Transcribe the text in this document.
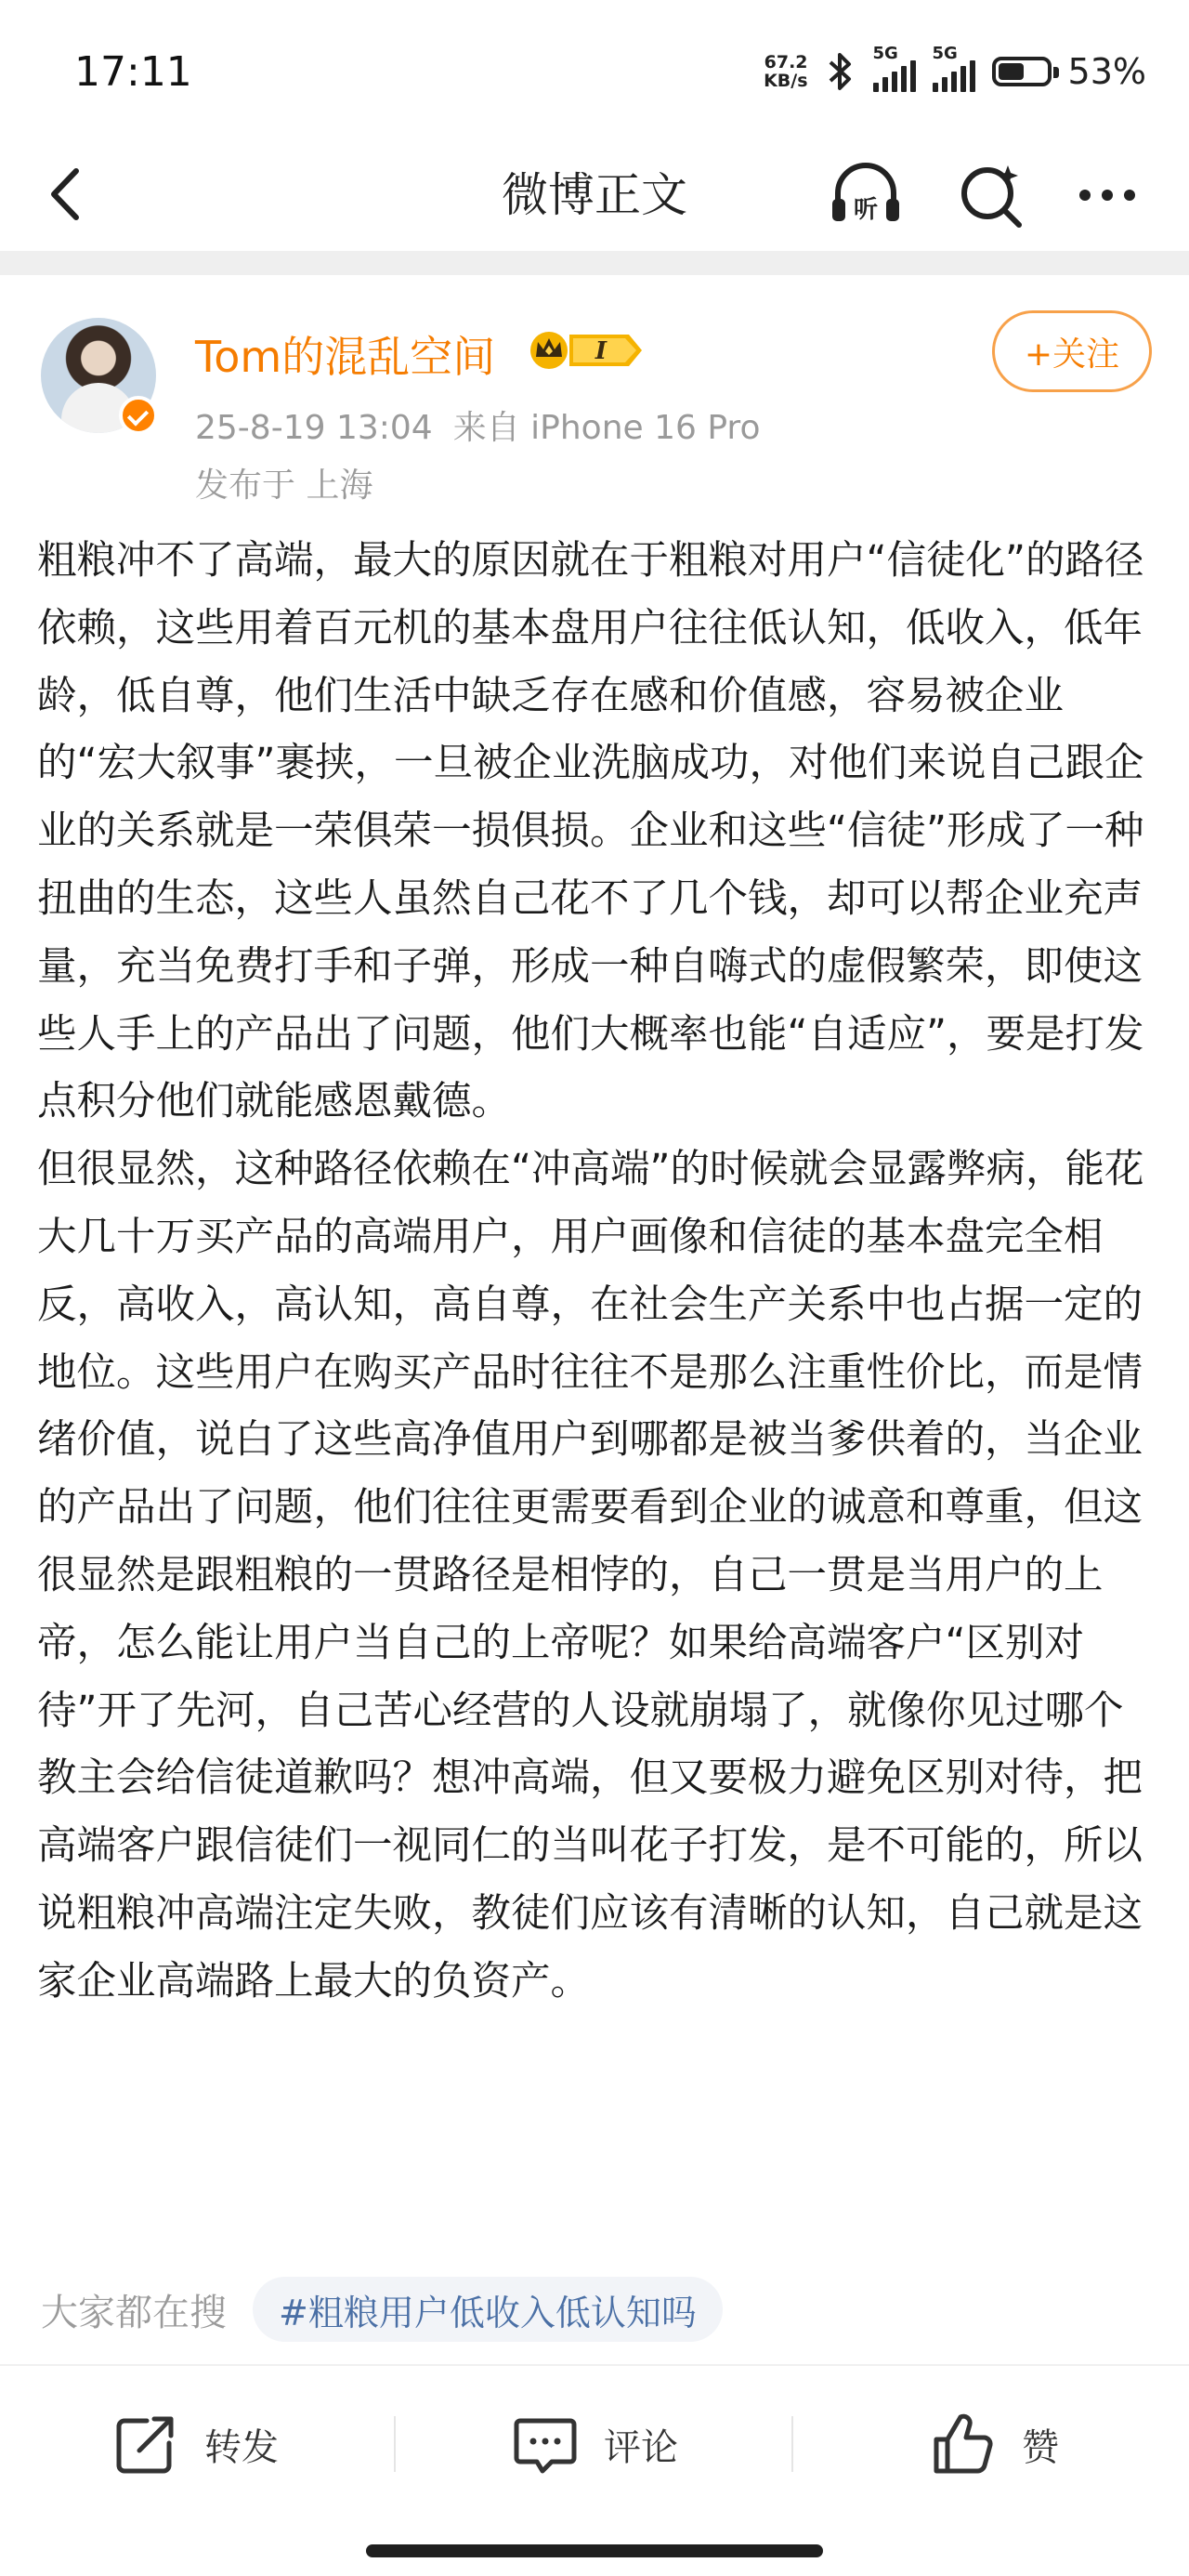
17:11	67.2
KB/s
5G 5G	53%
微博正文	听
Tom的混乱空间	I	+关注
25-8-19 13:04 来自 iPhone 16 Pro
发布于 上海

粗粮冲不了高端，最大的原因就在于粗粮对用户“信徒化”的路径依赖，这些用着百元机的基本盘用户往往低认知，低收入，低年龄，低自尊，他们生活中缺乏存在感和价值感，容易被企业的“宏大叙事”裹挟，一旦被企业洗脑成功，对他们来说自己跟企业的关系就是一荣俱荣一损俱损。企业和这些“信徒”形成了一种扭曲的生态，这些人虽然自己花不了几个钱，却可以帮企业充声量，充当免费打手和子弹，形成一种自嗨式的虚假繁荣，即使这些人手上的产品出了问题，他们大概率也能“自适应”，要是打发点积分他们就能感恩戴德。

但很显然，这种路径依赖在“冲高端”的时候就会显露弊病，能花大几十万买产品的高端用户，用户画像和信徒的基本盘完全相反，高收入，高认知，高自尊，在社会生产关系中也占据一定的地位。这些用户在购买产品时往往不是那么注重性价比，而是情绪价值，说白了这些高净值用户到哪都是被当爹供着的，当企业的产品出了问题，他们往往更需要看到企业的诚意和尊重，但这很显然是跟粗粮的一贯路径是相悖的，自己一贯是当用户的上帝，怎么能让用户当自己的上帝呢？如果给高端客户“区别对待”开了先河，自己苦心经营的人设就崩塌了，就像你见过哪个教主会给信徒道歉吗？想冲高端，但又要极力避免区别对待，把高端客户跟信徒们一视同仁的当叫花子打发，是不可能的，所以说粗粮冲高端注定失败，教徒们应该有清晰的认知，自己就是这家企业高端路上最大的负资产。

大家都在搜	#粗粮用户低收入低认知吗
转发	评论	赞
